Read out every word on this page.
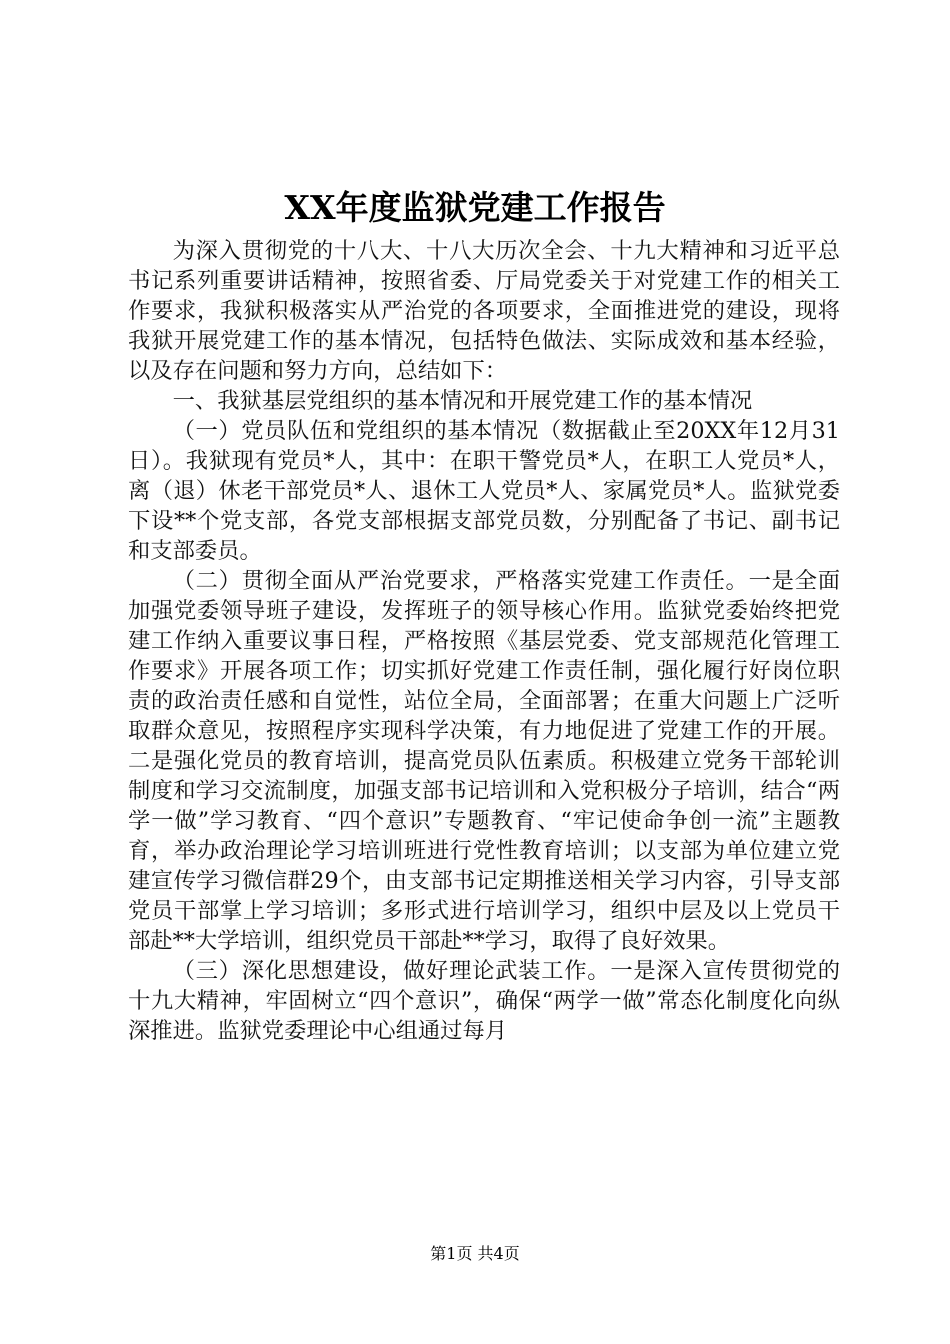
XX年度监狱党建工作报告

为深入贯彻党的十八大、十八大历次全会、十九大精神和习近平总书记系列重要讲话精神，按照省委、厅局党委关于对党建工作的相关工作要求，我狱积极落实从严治党的各项要求，全面推进党的建设，现将我狱开展党建工作的基本情况，包括特色做法、实际成效和基本经验，以及存在问题和努力方向，总结如下：

一、我狱基层党组织的基本情况和开展党建工作的基本情况

（一）党员队伍和党组织的基本情况（数据截止至20XX年12月31日）。我狱现有党员*人，其中：在职干警党员*人，在职工人党员*人，离（退）休老干部党员*人、退休工人党员*人、家属党员*人。监狱党委下设**个党支部，各党支部根据支部党员数，分别配备了书记、副书记和支部委员。

（二）贯彻全面从严治党要求，严格落实党建工作责任。一是全面加强党委领导班子建设，发挥班子的领导核心作用。监狱党委始终把党建工作纳入重要议事日程，严格按照《基层党委、党支部规范化管理工作要求》开展各项工作；切实抓好党建工作责任制，强化履行好岗位职责的政治责任感和自觉性，站位全局，全面部署；在重大问题上广泛听取群众意见，按照程序实现科学决策，有力地促进了党建工作的开展。二是强化党员的教育培训，提高党员队伍素质。积极建立党务干部轮训制度和学习交流制度，加强支部书记培训和入党积极分子培训，结合“两学一做”学习教育、“四个意识”专题教育、“牢记使命争创一流”主题教育，举办政治理论学习培训班进行党性教育培训；以支部为单位建立党建宣传学习微信群29个，由支部书记定期推送相关学习内容，引导支部党员干部掌上学习培训；多形式进行培训学习，组织中层及以上党员干部赴**大学培训，组织党员干部赴**学习，取得了良好效果。

（三）深化思想建设，做好理论武装工作。一是深入宣传贯彻党的十九大精神，牢固树立“四个意识”，确保“两学一做”常态化制度化向纵深推进。监狱党委理论中心组通过每月

第1页 共4页
